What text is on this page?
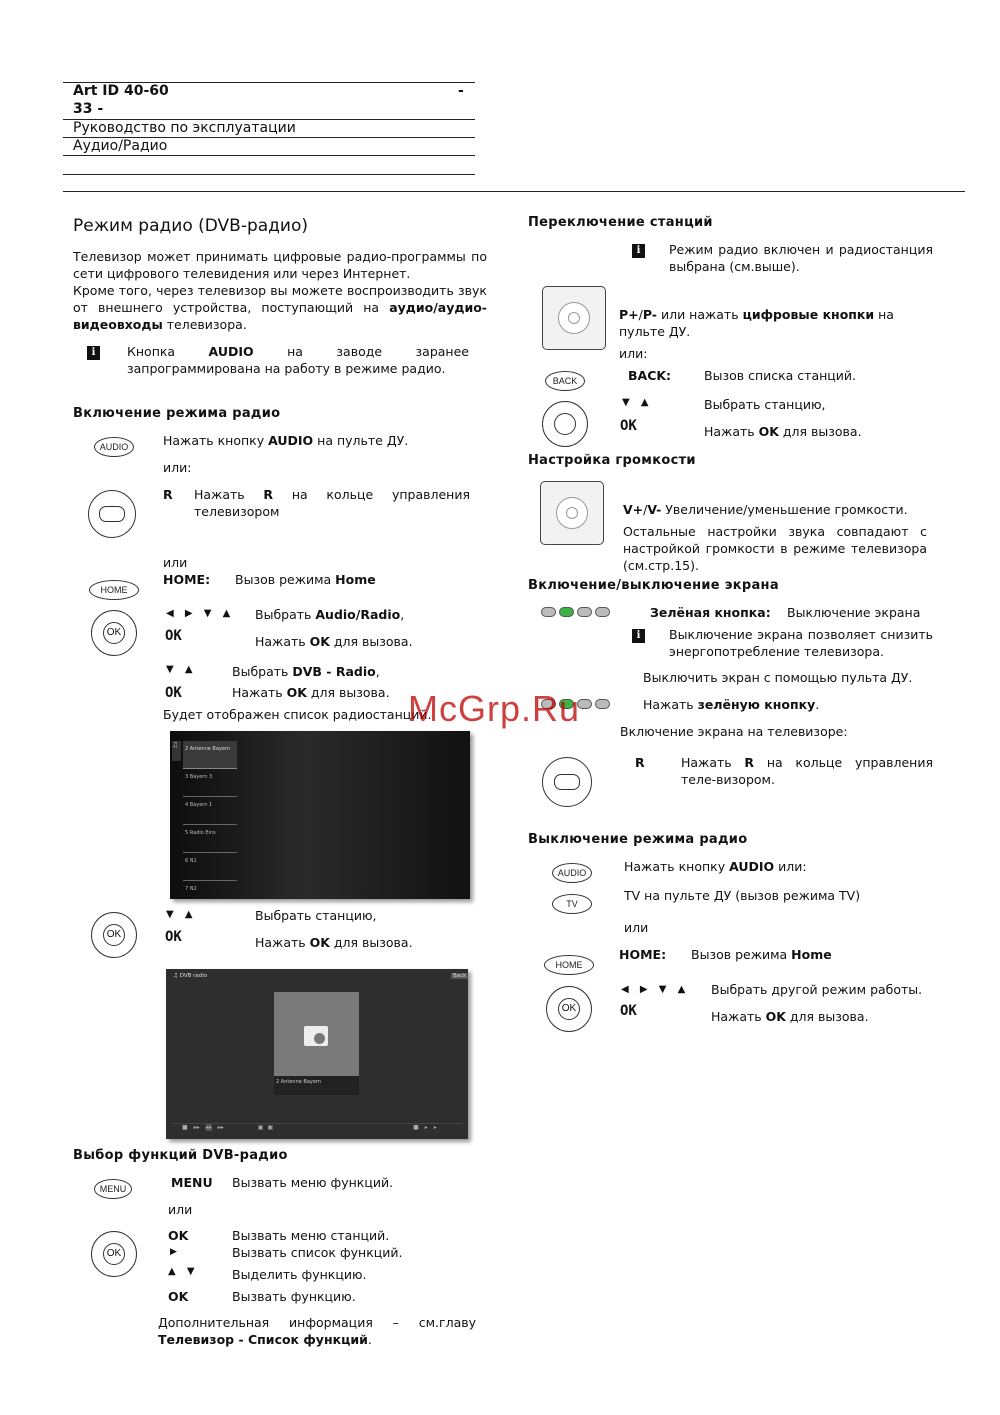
Art ID 40-60	-
33 -
Руководство по эксплуатации
Аудио/Радио
Режим радио (DVB-радио)
Телевизор может принимать цифровые радио-программы по сети цифрового телевидения или через Интернет.
Кроме того, через телевизор вы можете воспроизводить звук от внешнего устройства, поступающий на аудио/аудио-видеовходы телевизора.
i	Кнопка AUDIO на заводе заранее запрограммирована на работу в режиме радио.
Включение режима радио
AUDIO	Нажать кнопку AUDIO на пульте ДУ.
или:
R Нажать R на кольце управления телевизором
или
HOME
HOME: Вызов режима Home
OK
◀ ▶ ▼ ▲ Выбрать Audio/Radio,
OK	Нажать OK для вызова.
▼ ▲	Выбрать DVB - Radio,
OK	Нажать OK для вызова.
Будет отображен список радиостанций.
♫	2 Antenne Bayern
3 Bayern 3
4 Bayern 1
5 Radio Eins
6 N1
7 N2
OK
▼ ▲	Выбрать станцию,
OK	Нажать OK для вызова.
♫ DVB radio	Back
2 Antenne Bayern
■ ▸▸ ▸▸ ▸▸	▣ ▣	■ ▸ ▸
Выбор функций DVB-радио
MENU	MENU Вызвать меню функций.
или
OK
OK	Вызвать меню станций.
▶	Вызвать список функций.
▲ ▼	Выделить функцию.
OK	Вызвать функцию.
Дополнительная информация – см.главу Телевизор - Список функций.
Переключение станций
i	Режим радио включен и радиостанция выбрана (см.выше).
P+/P- или нажать цифровые кнопки на пульте ДУ.
или:
BACK	BACK:	Вызов списка станций.
▼ ▲	Выбрать станцию,
OK	Нажать OK для вызова.
Настройка громкости
V+/V- Увеличение/уменьшение громкости.
Остальные настройки звука совпадают с настройкой громкости в режиме телевизора (см.стр.15).
Включение/выключение экрана
Зелёная кнопка: Выключение экрана
i	Выключение экрана позволяет снизить энергопотребление телевизора.
Выключить экран с помощью пульта ДУ.
Нажать зелёную кнопку.
Включение экрана на телевизоре:
R	Нажать R на кольце управления теле-визором.
Выключение режима радио
AUDIO	Нажать кнопку AUDIO или:
TV
TV на пульте ДУ (вызов режима TV)
или
HOME
HOME: Вызов режима Home
OK
◀ ▶ ▼ ▲ Выбрать другой режим работы.
OK	Нажать OK для вызова.
McGrp.Ru
